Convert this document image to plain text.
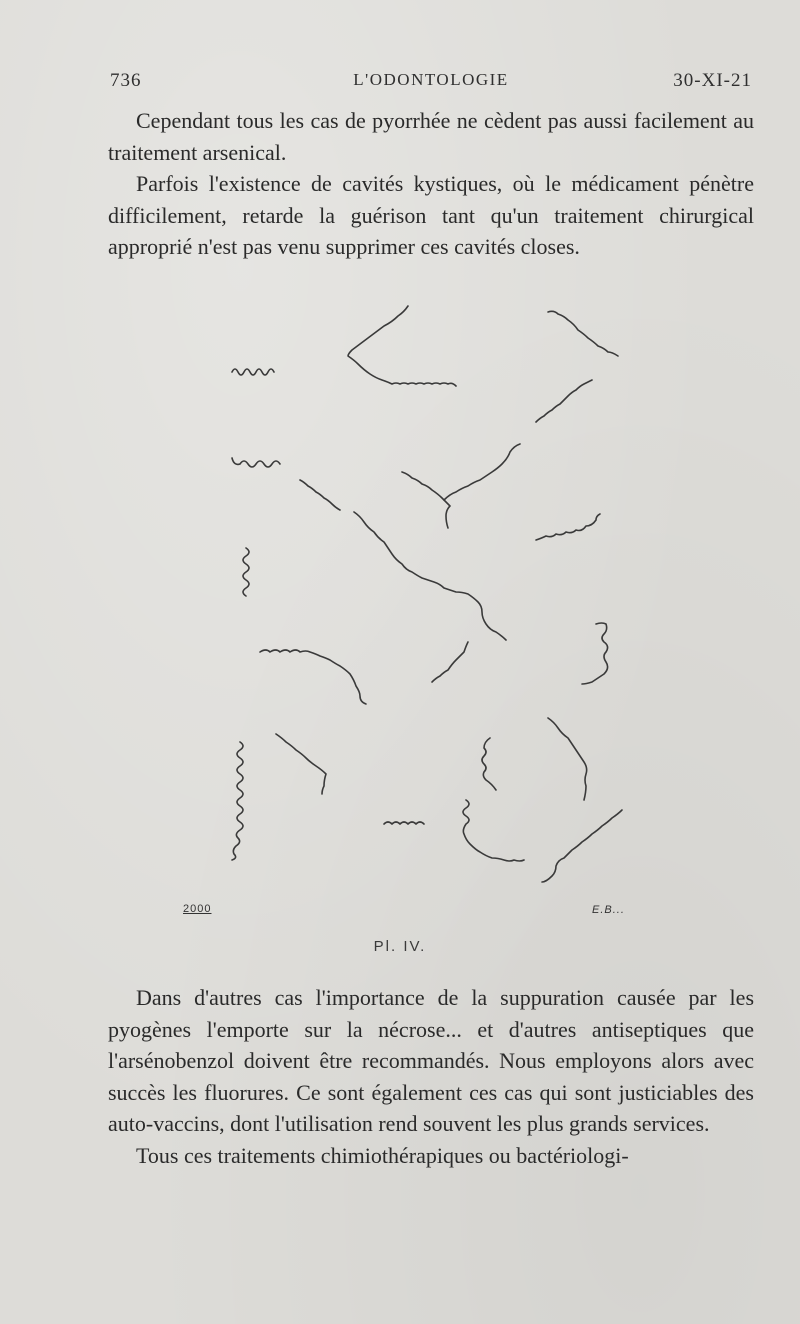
736	L'ODONTOLOGIE	30-XI-21

Cependant tous les cas de pyorrhée ne cèdent pas aussi facilement au traitement arsenical.

Parfois l'existence de cavités kystiques, où le médicament pénètre difficilement, retarde la guérison tant qu'un traitement chirurgical approprié n'est pas venu supprimer ces cavités closes.

2000	E.B...
Pl. IV.

Dans d'autres cas l'importance de la suppuration causée par les pyogènes l'emporte sur la nécrose... et d'autres antiseptiques que l'arsénobenzol doivent être recommandés. Nous employons alors avec succès les fluorures. Ce sont également ces cas qui sont justiciables des auto-vaccins, dont l'utilisation rend souvent les plus grands services.

Tous ces traitements chimiothérapiques ou bactériologi-
